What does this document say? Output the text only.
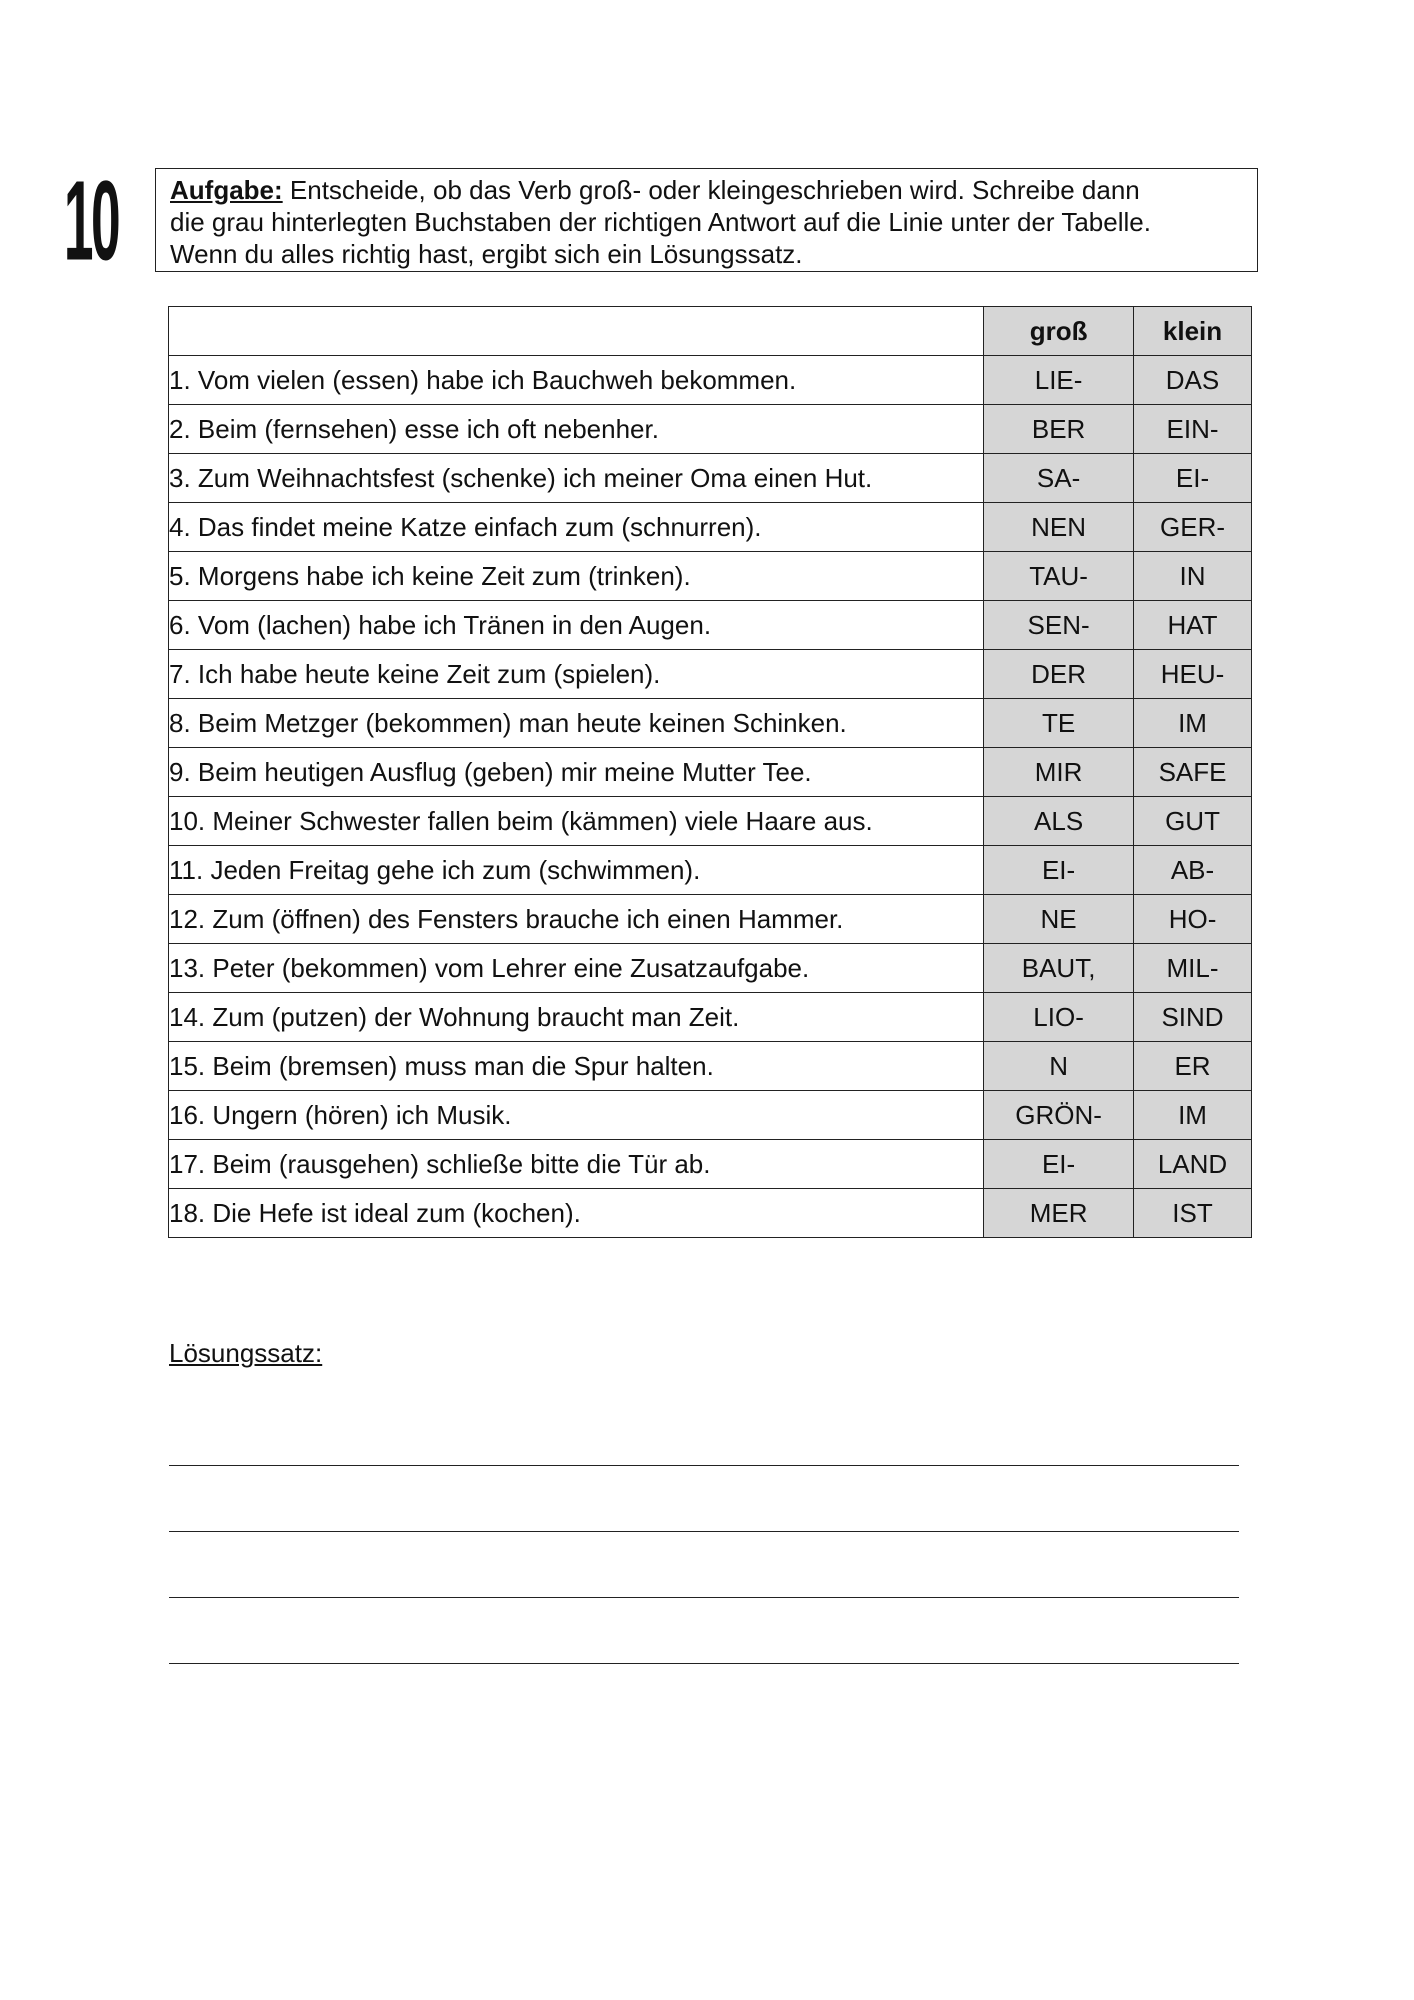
10	Aufgabe: Entscheide, ob das Verb groß- oder kleingeschrieben wird. Schreibe dann
die grau hinterlegten Buchstaben der richtigen Antwort auf die Linie unter der Tabelle.
Wenn du alles richtig hast, ergibt sich ein Lösungssatz.
	groß	klein
1. Vom vielen (essen) habe ich Bauchweh bekommen.	LIE-	DAS
2. Beim (fernsehen) esse ich oft nebenher.	BER	EIN-
3. Zum Weihnachtsfest (schenke) ich meiner Oma einen Hut.	SA-	EI-
4. Das findet meine Katze einfach zum (schnurren).	NEN	GER-
5. Morgens habe ich keine Zeit zum (trinken).	TAU-	IN
6. Vom (lachen) habe ich Tränen in den Augen.	SEN-	HAT
7. Ich habe heute keine Zeit zum (spielen).	DER	HEU-
8. Beim Metzger (bekommen) man heute keinen Schinken.	TE	IM
9. Beim heutigen Ausflug (geben) mir meine Mutter Tee.	MIR	SAFE
10. Meiner Schwester fallen beim (kämmen) viele Haare aus.	ALS	GUT
11. Jeden Freitag gehe ich zum (schwimmen).	EI-	AB-
12. Zum (öffnen) des Fensters brauche ich einen Hammer.	NE	HO-
13. Peter (bekommen) vom Lehrer eine Zusatzaufgabe.	BAUT,	MIL-
14. Zum (putzen) der Wohnung braucht man Zeit.	LIO-	SIND
15. Beim (bremsen) muss man die Spur halten.	N	ER
16. Ungern (hören) ich Musik.	GRÖN-	IM
17. Beim (rausgehen) schließe bitte die Tür ab.	EI-	LAND
18. Die Hefe ist ideal zum (kochen).	MER	IST
Lösungssatz:
